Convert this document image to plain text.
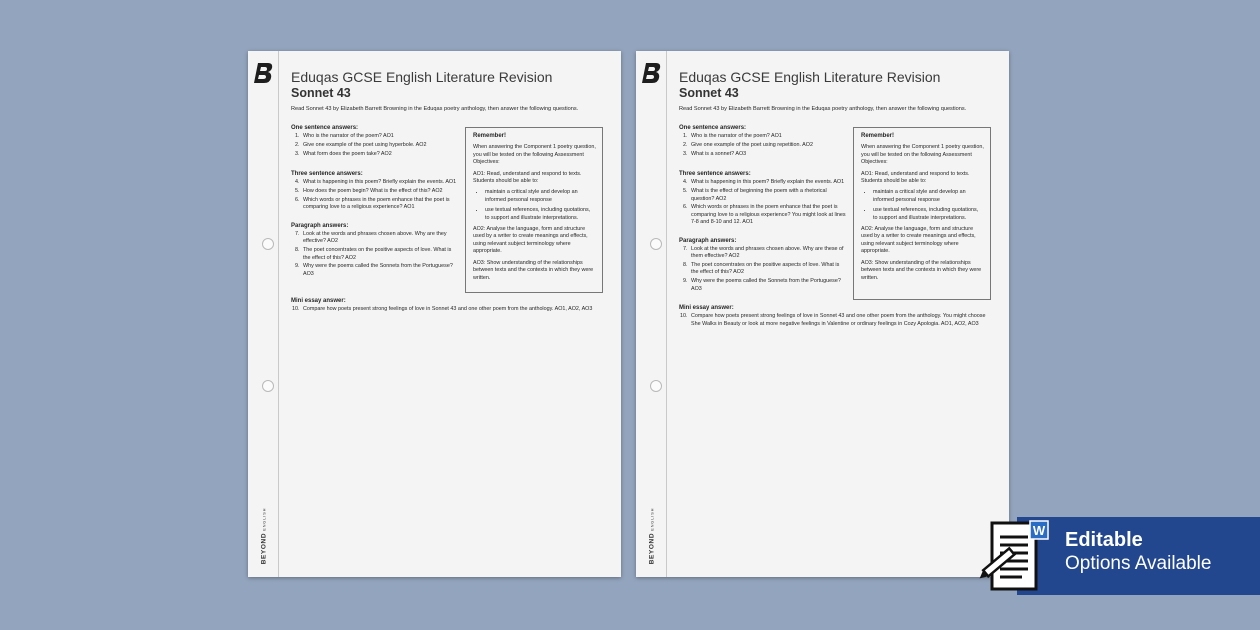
BEYONDENGLISH

Eduqas GCSE English Literature Revision

Sonnet 43

Read Sonnet 43 by Elizabeth Barrett Browning in the Eduqas poetry anthology, then answer the following questions.

One sentence answers:

1. Who is the narrator of the poem? AO1
2. Give one example of the poet using hyperbole. AO2
3. What form does the poem take? AO2

Three sentence answers:

4. What is happening in this poem? Briefly explain the events. AO1
5. How does the poem begin? What is the effect of this? AO2
6. Which words or phrases in the poem enhance that the poet is comparing love to a religious experience? AO1

Paragraph answers:

7. Look at the words and phrases chosen above. Why are they effective? AO2
8. The poet concentrates on the positive aspects of love. What is the effect of this? AO2
9. Why were the poems called the Sonnets from the Portuguese? AO3
Remember!

When answering the Component 1 poetry question, you will be tested on the following Assessment Objectives:

AO1: Read, understand and respond to texts. Students should be able to:

• maintain a critical style and develop an informed personal response
• use textual references, including quotations, to support and illustrate interpretations.

AO2: Analyse the language, form and structure used by a writer to create meanings and effects, using relevant subject terminology where appropriate.

AO3: Show understanding of the relationships between texts and the contexts in which they were written.

Mini essay answer:

10. Compare how poets present strong feelings of love in Sonnet 43 and one other poem from the anthology. AO1, AO2, AO3
BEYONDENGLISH

Eduqas GCSE English Literature Revision

Sonnet 43

Read Sonnet 43 by Elizabeth Barrett Browning in the Eduqas poetry anthology, then answer the following questions.

One sentence answers:

1. Who is the narrator of the poem? AO1
2. Give one example of the poet using repetition. AO2
3. What is a sonnet? AO3

Three sentence answers:

4. What is happening in this poem? Briefly explain the events. AO1
5. What is the effect of beginning the poem with a rhetorical question? AO2
6. Which words or phrases in the poem enhance that the poet is comparing love to a religious experience? You might look at lines 7-8 and 8-10 and 12. AO1

Paragraph answers:

7. Look at the words and phrases chosen above. Why are these of them effective? AO2
8. The poet concentrates on the positive aspects of love. What is the effect of this? AO2
9. Why were the poems called the Sonnets from the Portuguese? AO3
Remember!

When answering the Component 1 poetry question, you will be tested on the following Assessment Objectives:

AO1: Read, understand and respond to texts. Students should be able to:

• maintain a critical style and develop an informed personal response
• use textual references, including quotations, to support and illustrate interpretations.

AO2: Analyse the language, form and structure used by a writer to create meanings and effects, using relevant subject terminology where appropriate.

AO3: Show understanding of the relationships between texts and the contexts in which they were written.

Mini essay answer:

10. Compare how poets present strong feelings of love in Sonnet 43 and one other poem from the anthology. You might choose She Walks in Beauty or look at more negative feelings in Valentine or ordinary feelings in Cozy Apologia. AO1, AO2, AO3
Editable
Options Available
W
